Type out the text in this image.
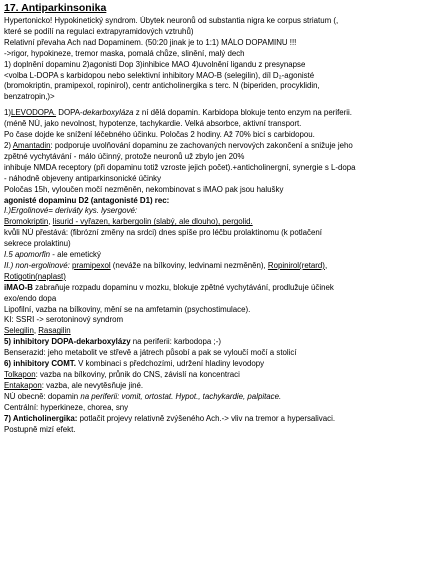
17. Antiparkinsonika
Hypertonicko! Hypokinetický syndrom. Úbytek neuronů od substantia nigra ke corpus striatum (,
které se podílí na regulaci extrapyramidových vztruhů)
Relativní převaha Ach nad Dopaminem. (50:20 jinak je to 1:1) MÁLO DOPAMINU !!!
->rigor, hypokineze, tremor maska, pomalá chůze, slinění, malý dech
1) doplnění dopaminu 2)agonisti Dop 3)inhibice MAO 4)uvolnění ligandu z presynapse
<volba L-DOPA s karbidopou nebo selektivní inhibitory MAO-B (selegilin), díl D₂-agonisté
(bromokriptin, pramipexol, ropinirol), centr anticholinergika s terc. N (biperiden, procyklidin,
benzatropin,)>
1)LEVODOPA. DOPA-dekarboxyláza z ní dělá dopamin. Karbidopa blokuje tento enzym na periferii.
(méně NÚ, jako nevolnost, hypotenze, tachykardie. Velká absorbce, aktivní transport.
Po čase dojde ke snížení léčebného účinku. Poločas 2 hodiny. Až 70% bicí s carbidopou.
2) Amantadin: podporuje uvolňování dopaminu ze zachovaných nervových zakončení a snižuje jeho
zpětné vychytávání - málo účinný, protože neuronů už zbylo jen 20%
inhibuje NMDA receptory (při dopaminu totiž vzroste jejich počet).+anticholinergní, synergie s L-dopa
- náhodně objeveny antiparkinsonické účinky
Poločas 15h, vyloučen močí nezměněn, nekombinovat s iMAO pak jsou halušky
agonisté dopaminu D2 (antagonisté D1) rec:
I.)Ergolinové= deriváty kys. lysergové:
Bromokriptin, lisurid - vyřazen, karbergolin (slabý, ale dlouho), pergolid.
kvůli NÚ přestává: (fibrózní změny na srdci) dnes spíše pro léčbu prolaktinomu (k potlačení
sekrece prolaktinu)
I.5 apomorfin - ale emetický
II.) non-ergolinové: pramipexol (neváže na bílkoviny, ledvinami nezměněn), Ropinirol(retard),
Rotigotin(naplast)
iMAO-B zabraňuje rozpadu dopaminu v mozku, blokuje zpětné vychytávání, prodlužuje účinek
exo/endo dopa
Lipofilní, vazba na bílkoviny, mění se na amfetamin (psychostimulace).
KI: SSRI -> serotoninový syndrom
Selegilin, Rasagilin
5) inhibitory DOPA-dekarboxylázy na periferii: karbodopa ;-)
Benserazid: jeho metabolit ve střevě a játrech působí a pak se vyloučí močí a stolicí
6) inhibitory COMT. V kombinaci s předchozími, udržení hladiny levodopy
Tolkapon: vazba na bílkoviny, průnik do CNS, závislí na koncentraci
Entakapon: vazba, ale nevytěsňuje jiné.
NÚ obecně: dopamin na periferii: vomit, ortostat. Hypot., tachykardie, palpitace.
Centrální: hyperkineze, chorea, sny
7) Anticholinergika: potlačit projevy relativně zvýšeného Ach.-> vliv na tremor a hypersalivaci.
Postupně mizí efekt.
